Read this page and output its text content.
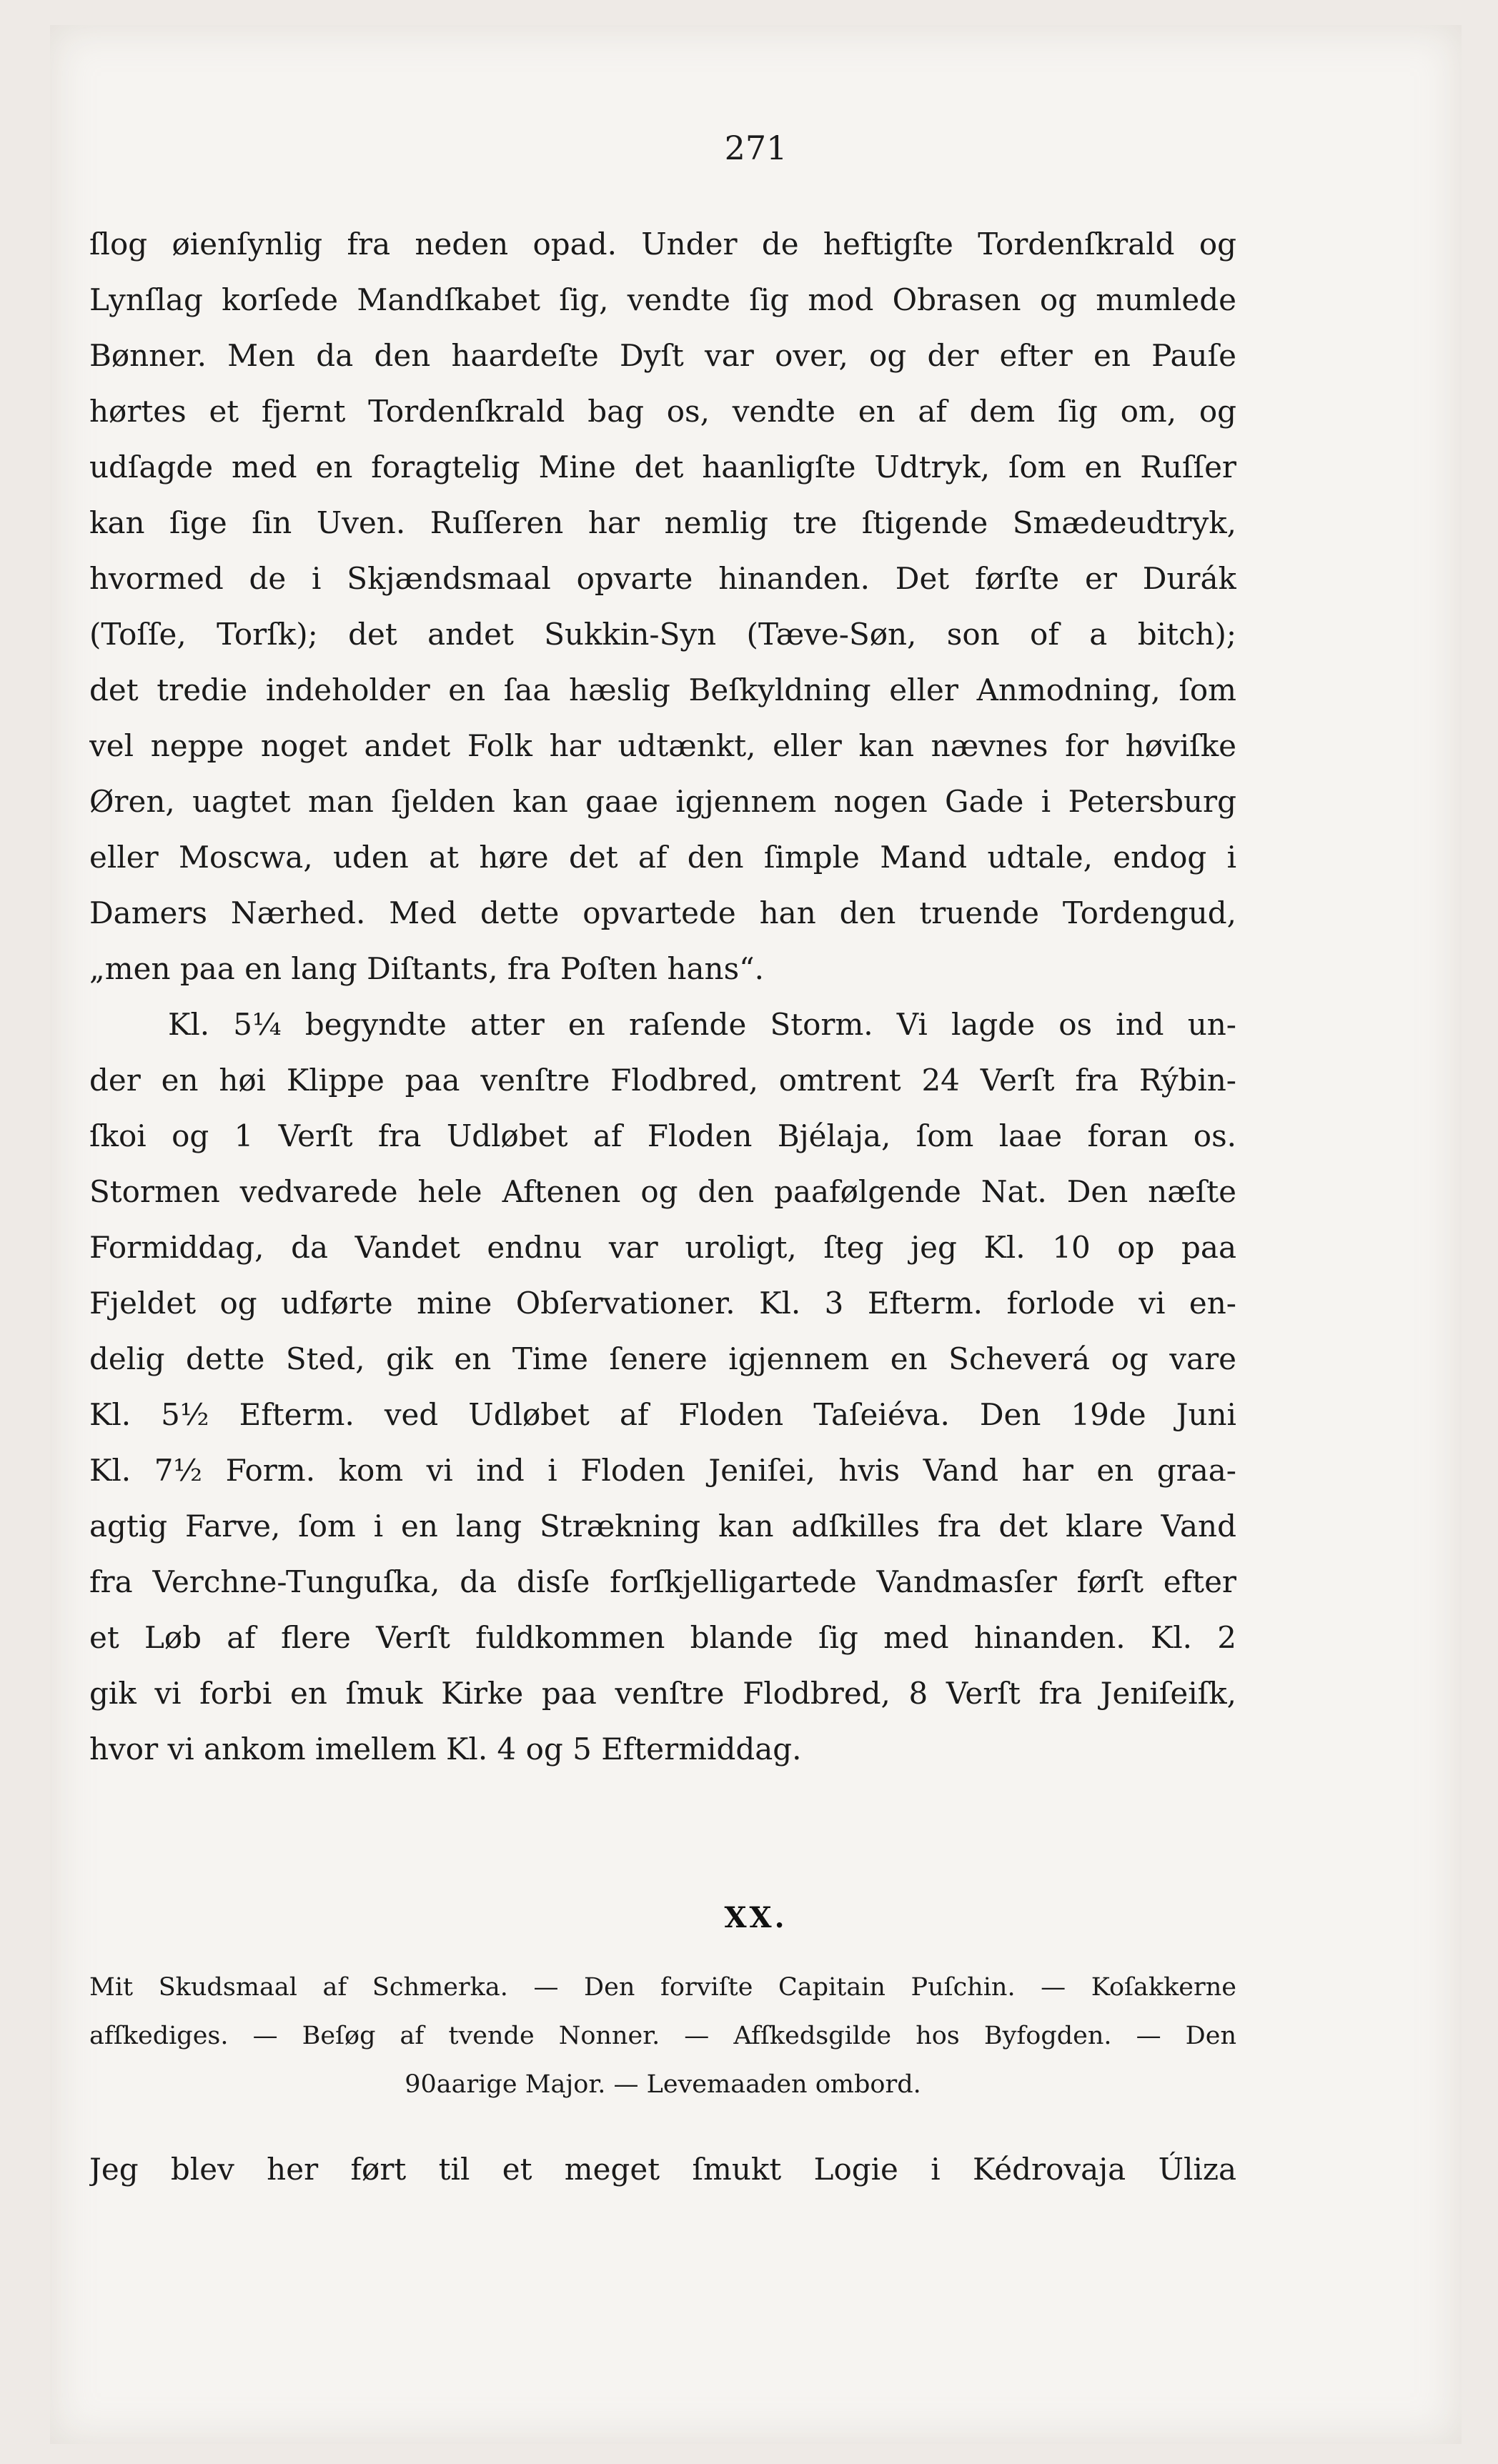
271
ſlog øienſynlig fra neden opad. Under de heftigſte Tordenſkrald og
Lynſlag korſede Mandſkabet ſig, vendte ſig mod Obrasen og mumlede
Bønner. Men da den haardeſte Dyſt var over, og der efter en Pauſe
hørtes et fjernt Tordenſkrald bag os, vendte en af dem ſig om, og
udſagde med en foragtelig Mine det haanligſte Udtryk, ſom en Ruſſer
kan ſige ſin Uven. Ruſſeren har nemlig tre ſtigende Smædeudtryk,
hvormed de i Skjændsmaal opvarte hinanden. Det førſte er Durák
(Toſſe, Torſk); det andet Sukkin-Syn (Tæve-Søn, son of a bitch);
det tredie indeholder en ſaa hæslig Beſkyldning eller Anmodning, ſom
vel neppe noget andet Folk har udtænkt, eller kan nævnes for høviſke
Øren, uagtet man ſjelden kan gaae igjennem nogen Gade i Petersburg
eller Moscwa, uden at høre det af den ſimple Mand udtale, endog i
Damers Nærhed. Med dette opvartede han den truende Tordengud,
„men paa en lang Diſtants, fra Poſten hans“.
Kl. 5¼ begyndte atter en raſende Storm. Vi lagde os ind un-
der en høi Klippe paa venſtre Flodbred, omtrent 24 Verſt fra Rýbin-
ſkoi og 1 Verſt fra Udløbet af Floden Bjélaja, ſom laae foran os.
Stormen vedvarede hele Aftenen og den paafølgende Nat. Den næſte
Formiddag, da Vandet endnu var uroligt, ſteg jeg Kl. 10 op paa
Fjeldet og udførte mine Obſervationer. Kl. 3 Efterm. forlode vi en-
delig dette Sted, gik en Time ſenere igjennem en Scheverá og vare
Kl. 5½ Efterm. ved Udløbet af Floden Taſeiéva. Den 19de Juni
Kl. 7½ Form. kom vi ind i Floden Jeniſei, hvis Vand har en graa-
agtig Farve, ſom i en lang Strækning kan adſkilles fra det klare Vand
fra Verchne-Tunguſka, da disſe forſkjelligartede Vandmasſer førſt efter
et Løb af flere Verſt fuldkommen blande ſig med hinanden. Kl. 2
gik vi forbi en ſmuk Kirke paa venſtre Flodbred, 8 Verſt fra Jeniſeiſk,
hvor vi ankom imellem Kl. 4 og 5 Eftermiddag.
XX.
Mit Skudsmaal af Schmerka. — Den forviſte Capitain Puſchin. — Koſakkerne
afſkediges. — Beſøg af tvende Nonner. — Afſkedsgilde hos Byfogden. — Den
90aarige Major. — Levemaaden ombord.
Jeg blev her ført til et meget ſmukt Logie i Kédrovaja Úliza
